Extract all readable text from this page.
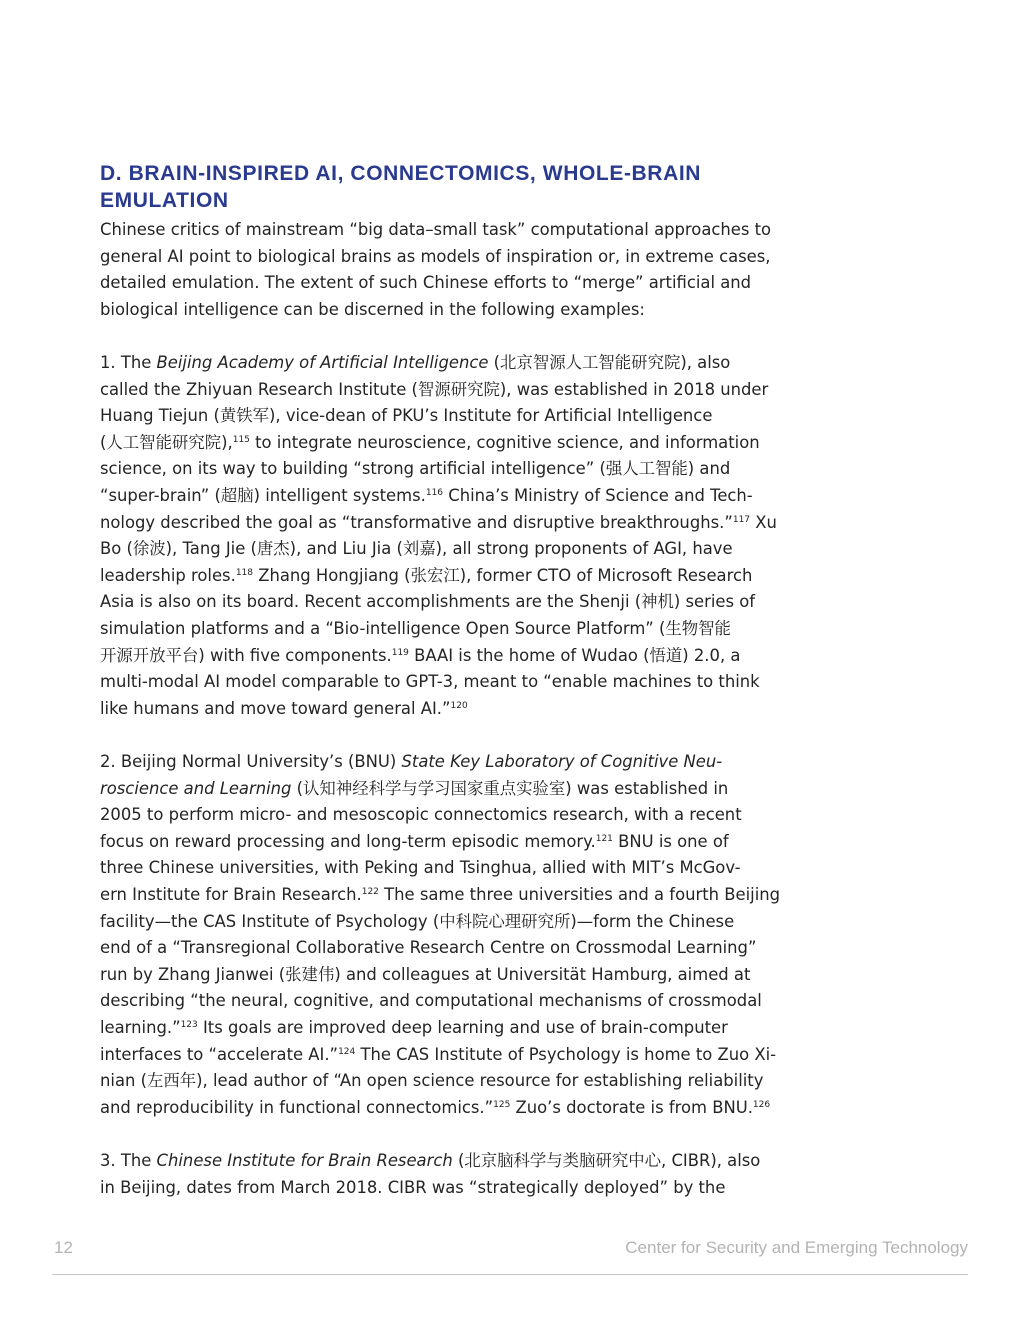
D. BRAIN-INSPIRED AI, CONNECTOMICS, WHOLE-BRAIN EMULATION
Chinese critics of mainstream “big data–small task” computational approaches to
general AI point to biological brains as models of inspiration or, in extreme cases,
detailed emulation. The extent of such Chinese efforts to “merge” artificial and
biological intelligence can be discerned in the following examples:
1. The Beijing Academy of Artificial Intelligence (北京智源人工智能研究院), also
called the Zhiyuan Research Institute (智源研究院), was established in 2018 under
Huang Tiejun (黄铁军), vice-dean of PKU’s Institute for Artificial Intelligence
(人工智能研究院),$^{115}$ to integrate neuroscience, cognitive science, and information
science, on its way to building “strong artificial intelligence” (强人工智能) and
“super-brain” (超脑) intelligent systems.$^{116}$ China’s Ministry of Science and Tech-
nology described the goal as “transformative and disruptive breakthroughs.”$^{117}$ Xu
Bo (徐波), Tang Jie (唐杰), and Liu Jia (刘嘉), all strong proponents of AGI, have
leadership roles.$^{118}$ Zhang Hongjiang (张宏江), former CTO of Microsoft Research
Asia is also on its board. Recent accomplishments are the Shenji (神机) series of
simulation platforms and a “Bio-intelligence Open Source Platform” (生物智能
开源开放平台) with five components.$^{119}$ BAAI is the home of Wudao (悟道) 2.0, a
multi-modal AI model comparable to GPT-3, meant to “enable machines to think
like humans and move toward general AI.”$^{120}$
2. Beijing Normal University’s (BNU) State Key Laboratory of Cognitive Neu-
roscience and Learning (认知神经科学与学习国家重点实验室) was established in
2005 to perform micro- and mesoscopic connectomics research, with a recent
focus on reward processing and long-term episodic memory.$^{121}$ BNU is one of
three Chinese universities, with Peking and Tsinghua, allied with MIT’s McGov-
ern Institute for Brain Research.$^{122}$ The same three universities and a fourth Beijing
facility—the CAS Institute of Psychology (中科院心理研究所)—form the Chinese
end of a “Transregional Collaborative Research Centre on Crossmodal Learning”
run by Zhang Jianwei (张建伟) and colleagues at Universität Hamburg, aimed at
describing “the neural, cognitive, and computational mechanisms of crossmodal
learning.”$^{123}$ Its goals are improved deep learning and use of brain-computer
interfaces to “accelerate AI.”$^{124}$ The CAS Institute of Psychology is home to Zuo Xi-
nian (左西年), lead author of “An open science resource for establishing reliability
and reproducibility in functional connectomics.”$^{125}$ Zuo’s doctorate is from BNU.$^{126}$
3. The Chinese Institute for Brain Research (北京脑科学与类脑研究中心, CIBR), also
in Beijing, dates from March 2018. CIBR was “strategically deployed” by the
12	Center for Security and Emerging Technology
